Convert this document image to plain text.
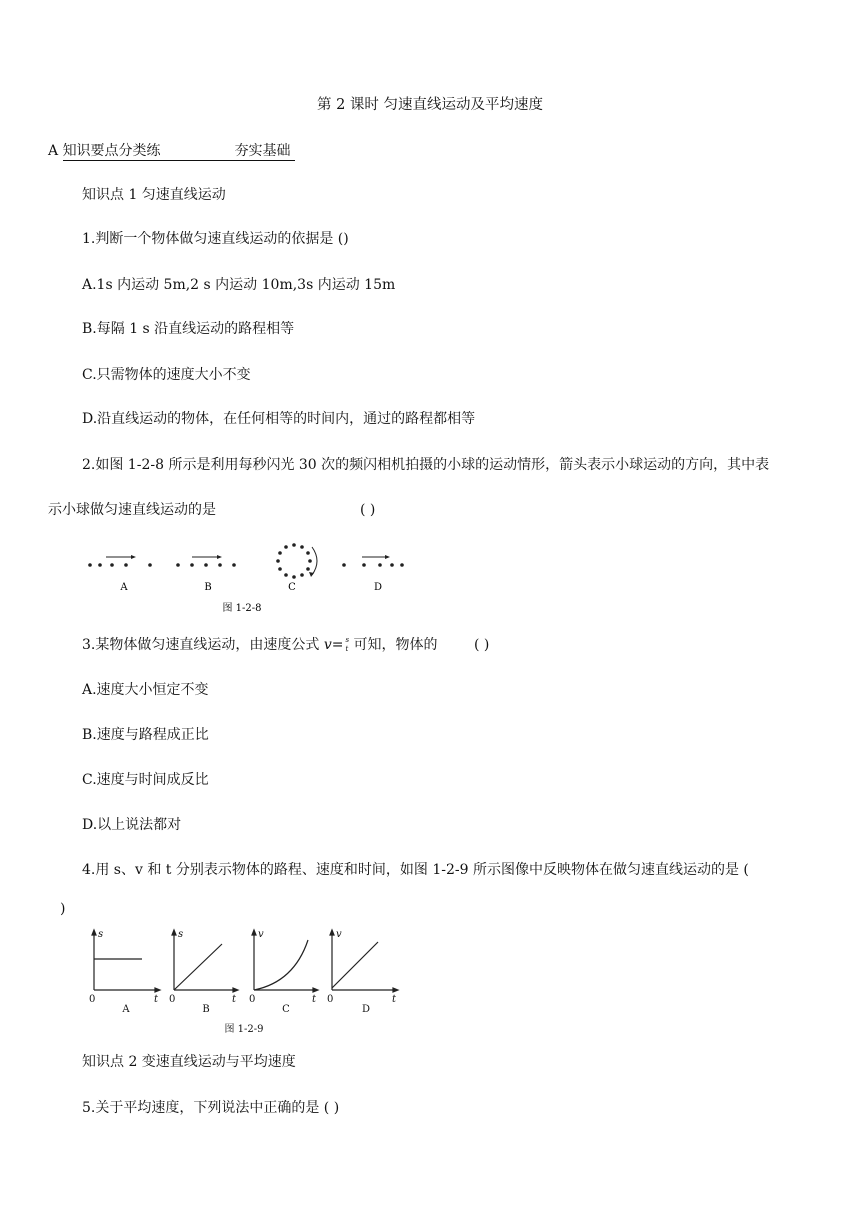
第 2 课时 匀速直线运动及平均速度
A 知识要点分类练	夯实基础
知识点 1 匀速直线运动
1.判断一个物体做匀速直线运动的依据是 ()
A.1s 内运动 5m,2 s 内运动 10m,3s 内运动 15m
B.每隔 1 s 沿直线运动的路程相等
C.只需物体的速度大小不变
D.沿直线运动的物体，在任何相等的时间内，通过的路程都相等
2.如图 1-2-8 所示是利用每秒闪光 30 次的频闪相机拍摄的小球的运动情形，箭头表示小球运动的方向，其中表
示小球做匀速直线运动的是	( )
A	B	C	D
图 1-2-8
3.某物体做匀速直线运动，由速度公式 v= s
t 可知，物体的	( )
A.速度大小恒定不变
B.速度与路程成正比
C.速度与时间成反比
D.以上说法都对
4.用 s、v 和 t 分别表示物体的路程、速度和时间，如图 1-2-9 所示图像中反映物体在做匀速直线运动的是 (
)
s	s	v	v
t	t	t	t
0	0	0	0
A	B	C	D
图 1-2-9
知识点 2 变速直线运动与平均速度
5.关于平均速度，下列说法中正确的是 ( )
